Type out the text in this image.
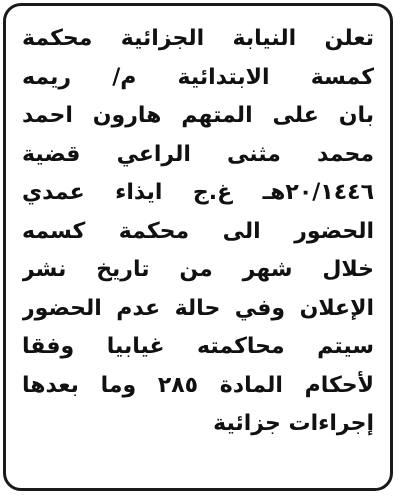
تعلن النيابة الجزائية محكمة
كمسة الابتدائية م/ ريمه
بان على المتهم هارون احمد
محمد مثنى الراعي قضية
٢٠/١٤٤٦هـ غ.ج ايذاء عمدي
الحضور الى محكمة كسمه
خلال شهر من تاريخ نشر
الإعلان وفي حالة عدم الحضور
سيتم محاكمته غيابيا وفقا
لأحكام المادة ٢٨٥ وما بعدها
إجراءات جزائية
